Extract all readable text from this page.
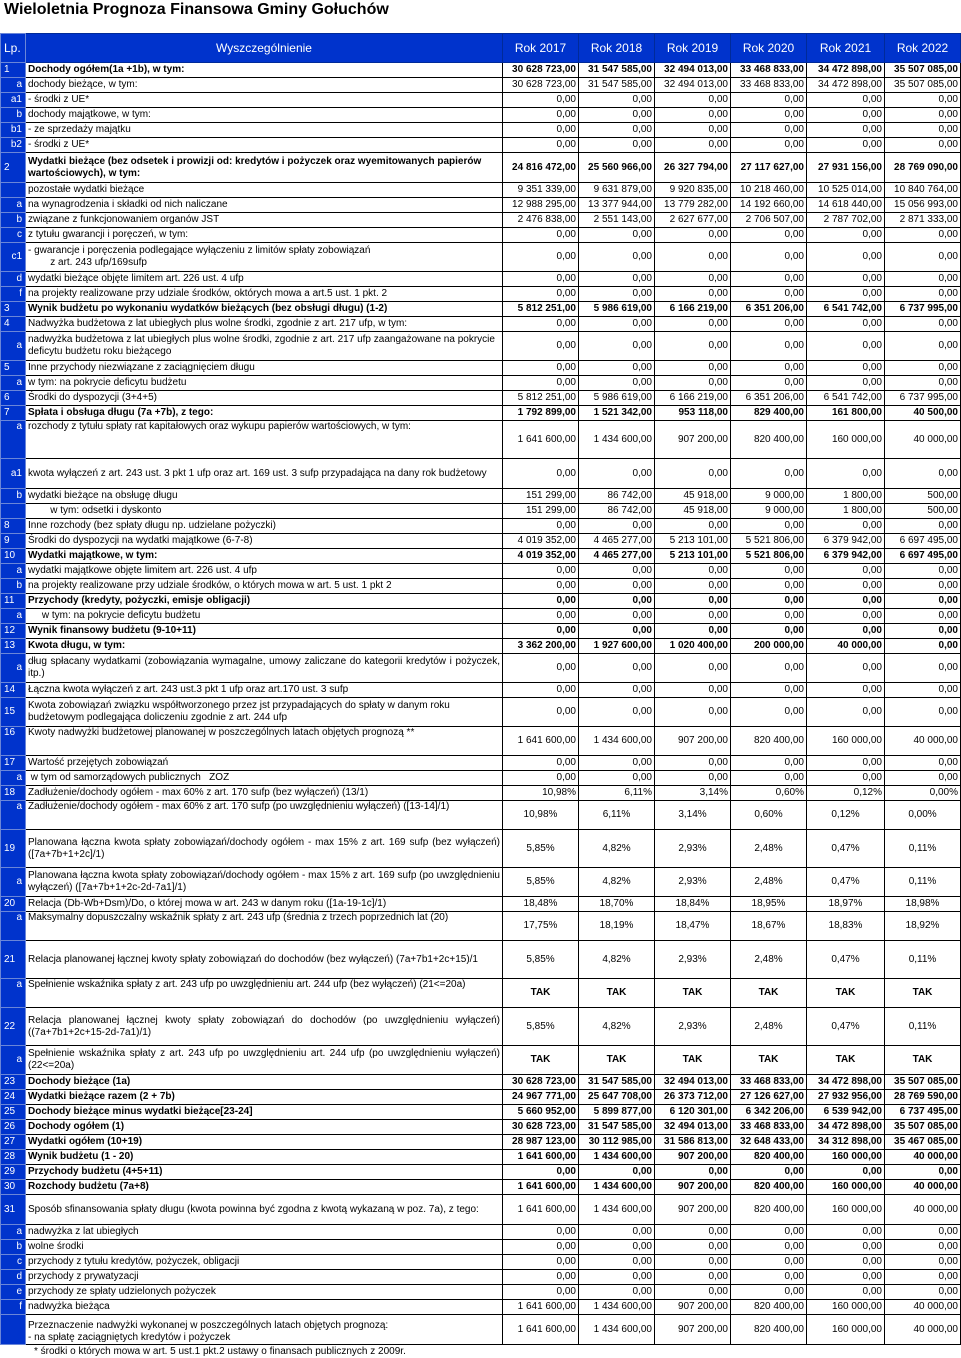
Wieloletnia Prognoza Finansowa Gminy Gołuchów
Lp.	Wyszczególnienie	Rok 2017	Rok 2018	Rok 2019	Rok 2020	Rok 2021	Rok 2022
1	Dochody ogółem(1a +1b), w tym:	30 628 723,00	31 547 585,00	32 494 013,00	33 468 833,00	34 472 898,00	35 507 085,00
a	dochody bieżące, w tym:	30 628 723,00	31 547 585,00	32 494 013,00	33 468 833,00	34 472 898,00	35 507 085,00
a1	- środki z UE*	0,00	0,00	0,00	0,00	0,00	0,00
b	dochody majątkowe, w tym:	0,00	0,00	0,00	0,00	0,00	0,00
b1	- ze sprzedaży majątku	0,00	0,00	0,00	0,00	0,00	0,00
b2	- środki z UE*	0,00	0,00	0,00	0,00	0,00	0,00
2	Wydatki bieżące (bez odsetek i prowizji od: kredytów i pożyczek oraz wyemitowanych papierów wartościowych), w tym:	24 816 472,00	25 560 966,00	26 327 794,00	27 117 627,00	27 931 156,00	28 769 090,00
	pozostałe wydatki bieżące	9 351 339,00	9 631 879,00	9 920 835,00	10 218 460,00	10 525 014,00	10 840 764,00
a	na wynagrodzenia i składki od nich naliczane	12 988 295,00	13 377 944,00	13 779 282,00	14 192 660,00	14 618 440,00	15 056 993,00
b	związane z funkcjonowaniem organów JST	2 476 838,00	2 551 143,00	2 627 677,00	2 706 507,00	2 787 702,00	2 871 333,00
c	z tytułu gwarancji i poręczeń, w tym:	0,00	0,00	0,00	0,00	0,00	0,00
c1	- gwarancje i poręczenia podlegające wyłączeniu z limitów spłaty zobowiązań
z art. 243 ufp/169sufp	0,00	0,00	0,00	0,00	0,00	0,00
d	wydatki bieżące objęte limitem art. 226 ust. 4 ufp	0,00	0,00	0,00	0,00	0,00	0,00
f	na projekty realizowane przy udziale środków, októrych mowa a art.5 ust. 1 pkt. 2	0,00	0,00	0,00	0,00	0,00	0,00
3	Wynik budżetu po wykonaniu wydatków bieżących (bez obsługi długu) (1-2)	5 812 251,00	5 986 619,00	6 166 219,00	6 351 206,00	6 541 742,00	6 737 995,00
4	Nadwyżka budżetowa z lat ubiegłych plus wolne środki, zgodnie z art. 217 ufp, w tym:	0,00	0,00	0,00	0,00	0,00	0,00
a	nadwyżka budżetowa z lat ubiegłych plus wolne środki, zgodnie z art. 217 ufp zaangażowane na pokrycie deficytu budżetu roku bieżącego	0,00	0,00	0,00	0,00	0,00	0,00
5	Inne przychody niezwiązane z zaciągnięciem długu	0,00	0,00	0,00	0,00	0,00	0,00
a	w tym: na pokrycie deficytu budżetu	0,00	0,00	0,00	0,00	0,00	0,00
6	Środki do dyspozycji (3+4+5)	5 812 251,00	5 986 619,00	6 166 219,00	6 351 206,00	6 541 742,00	6 737 995,00
7	Spłata i obsługa długu (7a +7b), z tego:	1 792 899,00	1 521 342,00	953 118,00	829 400,00	161 800,00	40 500,00
a	rozchody z tytułu spłaty rat kapitałowych oraz wykupu papierów wartościowych, w tym:	1 641 600,00	1 434 600,00	907 200,00	820 400,00	160 000,00	40 000,00
a1	kwota wyłączeń z art. 243 ust. 3 pkt 1 ufp oraz art. 169 ust. 3 sufp przypadająca na dany rok budżetowy	0,00	0,00	0,00	0,00	0,00	0,00
b	wydatki bieżące na obsługę długu	151 299,00	86 742,00	45 918,00	9 000,00	1 800,00	500,00
	w tym: odsetki i dyskonto	151 299,00	86 742,00	45 918,00	9 000,00	1 800,00	500,00
8	Inne rozchody (bez spłaty długu np. udzielane pożyczki)	0,00	0,00	0,00	0,00	0,00	0,00
9	Środki do dyspozycji na wydatki majątkowe (6-7-8)	4 019 352,00	4 465 277,00	5 213 101,00	5 521 806,00	6 379 942,00	6 697 495,00
10	Wydatki majątkowe, w tym:	4 019 352,00	4 465 277,00	5 213 101,00	5 521 806,00	6 379 942,00	6 697 495,00
a	wydatki majątkowe objęte limitem art. 226 ust. 4 ufp	0,00	0,00	0,00	0,00	0,00	0,00
b	na projekty realizowane przy udziale środków, o których mowa w art. 5 ust. 1 pkt 2	0,00	0,00	0,00	0,00	0,00	0,00
11	Przychody (kredyty, pożyczki, emisje obligacji)	0,00	0,00	0,00	0,00	0,00	0,00
a	w tym: na pokrycie deficytu budżetu	0,00	0,00	0,00	0,00	0,00	0,00
12	Wynik finansowy budżetu (9-10+11)	0,00	0,00	0,00	0,00	0,00	0,00
13	Kwota długu, w tym:	3 362 200,00	1 927 600,00	1 020 400,00	200 000,00	40 000,00	0,00
a	dług spłacany wydatkami (zobowiązania wymagalne, umowy zaliczane do kategorii kredytów i pożyczek, itp.)	0,00	0,00	0,00	0,00	0,00	0,00
14	Łączna kwota wyłączeń z art. 243 ust.3 pkt 1 ufp oraz art.170 ust. 3 sufp	0,00	0,00	0,00	0,00	0,00	0,00
15	Kwota zobowiązań związku współtworzonego przez jst przypadających do spłaty w danym roku budżetowym podlegająca doliczeniu zgodnie z art. 244 ufp	0,00	0,00	0,00	0,00	0,00	0,00
16	Kwoty nadwyżki budżetowej planowanej w poszczególnych latach objętych prognozą **	1 641 600,00	1 434 600,00	907 200,00	820 400,00	160 000,00	40 000,00
17	Wartość przejętych zobowiązań	0,00	0,00	0,00	0,00	0,00	0,00
a	w tym od samorządowych publicznych   ZOZ	0,00	0,00	0,00	0,00	0,00	0,00
18	Zadłużenie/dochody ogółem - max 60% z art. 170 sufp (bez wyłączeń) (13/1)	10,98%	6,11%	3,14%	0,60%	0,12%	0,00%
a	Zadłużenie/dochody ogółem - max 60% z art. 170 sufp (po uwzględnieniu wyłączeń) ([13-14]/1)	10,98%	6,11%	3,14%	0,60%	0,12%	0,00%
19	Planowana łączna kwota spłaty zobowiązań/dochody ogółem - max 15% z art. 169 sufp (bez wyłączeń) ([7a+7b+1+2c]/1)	5,85%	4,82%	2,93%	2,48%	0,47%	0,11%
a	Planowana łączna kwota spłaty zobowiązań/dochody ogółem - max 15% z art. 169 sufp (po uwzględnieniu wyłączeń) ([7a+7b+1+2c-2d-7a1]/1)	5,85%	4,82%	2,93%	2,48%	0,47%	0,11%
20	Relacja (Db-Wb+Dsm)/Do, o której mowa w art. 243 w danym roku ([1a-19-1c]/1)	18,48%	18,70%	18,84%	18,95%	18,97%	18,98%
a	Maksymalny dopuszczalny wskaźnik spłaty z art. 243 ufp (średnia z trzech poprzednich lat (20)	17,75%	18,19%	18,47%	18,67%	18,83%	18,92%
21	Relacja planowanej łącznej kwoty spłaty zobowiązań do dochodów (bez wyłączeń) (7a+7b1+2c+15)/1	5,85%	4,82%	2,93%	2,48%	0,47%	0,11%
a	Spełnienie wskaźnika spłaty z art. 243 ufp po uwzględnieniu art. 244 ufp (bez wyłączeń) (21<=20a)	TAK	TAK	TAK	TAK	TAK	TAK
22	Relacja planowanej łącznej kwoty spłaty zobowiązań do dochodów (po uwzględnieniu wyłączeń) ((7a+7b1+2c+15-2d-7a1)/1)	5,85%	4,82%	2,93%	2,48%	0,47%	0,11%
a	Spełnienie wskaźnika spłaty z art. 243 ufp po uwzględnieniu art. 244 ufp (po uwzględnieniu wyłączeń)    (22<=20a)	TAK	TAK	TAK	TAK	TAK	TAK
23	Dochody bieżące (1a)	30 628 723,00	31 547 585,00	32 494 013,00	33 468 833,00	34 472 898,00	35 507 085,00
24	Wydatki bieżące razem (2 + 7b)	24 967 771,00	25 647 708,00	26 373 712,00	27 126 627,00	27 932 956,00	28 769 590,00
25	Dochody bieżące minus wydatki bieżące[23-24]	5 660 952,00	5 899 877,00	6 120 301,00	6 342 206,00	6 539 942,00	6 737 495,00
26	Dochody ogółem (1)	30 628 723,00	31 547 585,00	32 494 013,00	33 468 833,00	34 472 898,00	35 507 085,00
27	Wydatki ogółem (10+19)	28 987 123,00	30 112 985,00	31 586 813,00	32 648 433,00	34 312 898,00	35 467 085,00
28	Wynik budżetu (1 - 20)	1 641 600,00	1 434 600,00	907 200,00	820 400,00	160 000,00	40 000,00
29	Przychody budżetu (4+5+11)	0,00	0,00	0,00	0,00	0,00	0,00
30	Rozchody budżetu (7a+8)	1 641 600,00	1 434 600,00	907 200,00	820 400,00	160 000,00	40 000,00
31	Sposób sfinansowania spłaty długu (kwota powinna być zgodna z kwotą wykazaną w poz. 7a), z tego:	1 641 600,00	1 434 600,00	907 200,00	820 400,00	160 000,00	40 000,00
a	nadwyżka z lat ubiegłych	0,00	0,00	0,00	0,00	0,00	0,00
b	wolne środki	0,00	0,00	0,00	0,00	0,00	0,00
c	przychody z tytułu kredytów, pożyczek, obligacji	0,00	0,00	0,00	0,00	0,00	0,00
d	przychody z prywatyzacji	0,00	0,00	0,00	0,00	0,00	0,00
e	przychody ze spłaty udzielonych pożyczek	0,00	0,00	0,00	0,00	0,00	0,00
f	nadwyżka bieżąca	1 641 600,00	1 434 600,00	907 200,00	820 400,00	160 000,00	40 000,00
	Przeznaczenie nadwyżki wykonanej w poszczególnych latach objętych prognozą:
- na spłatę zaciągniętych kredytów i pożyczek	1 641 600,00	1 434 600,00	907 200,00	820 400,00	160 000,00	40 000,00
* środki o których mowa w art. 5 ust.1 pkt.2 ustawy o finansach publicznych z 2009r.
